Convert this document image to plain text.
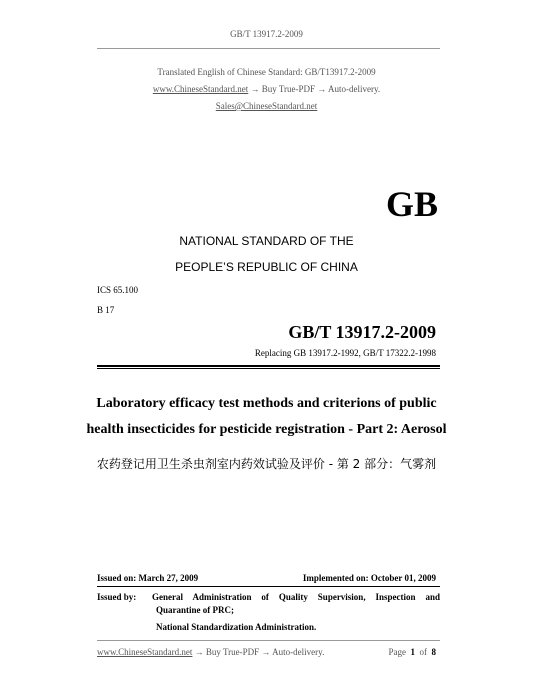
GB/T 13917.2-2009
Translated English of Chinese Standard: GB/T13917.2-2009
www.ChineseStandard.net → Buy True-PDF → Auto-delivery.
Sales@ChineseStandard.net
GB
NATIONAL STANDARD OF THE
PEOPLE’S REPUBLIC OF CHINA
ICS 65.100
B 17
GB/T 13917.2-2009
Replacing GB 13917.2-1992, GB/T 17322.2-1998
Laboratory efficacy test methods and criterions of public
health insecticides for pesticide registration - Part 2: Aerosol
农药登记用卫生杀虫剂室内药效试验及评价 - 第 2 部分：气雾剂
Issued on: March 27, 2009	Implemented on: October 01, 2009
Issued by: General Administration of Quality Supervision, Inspection and
Quarantine of PRC;
National Standardization Administration.
www.ChineseStandard.net → Buy True-PDF → Auto-delivery.	Page 1 of 8
